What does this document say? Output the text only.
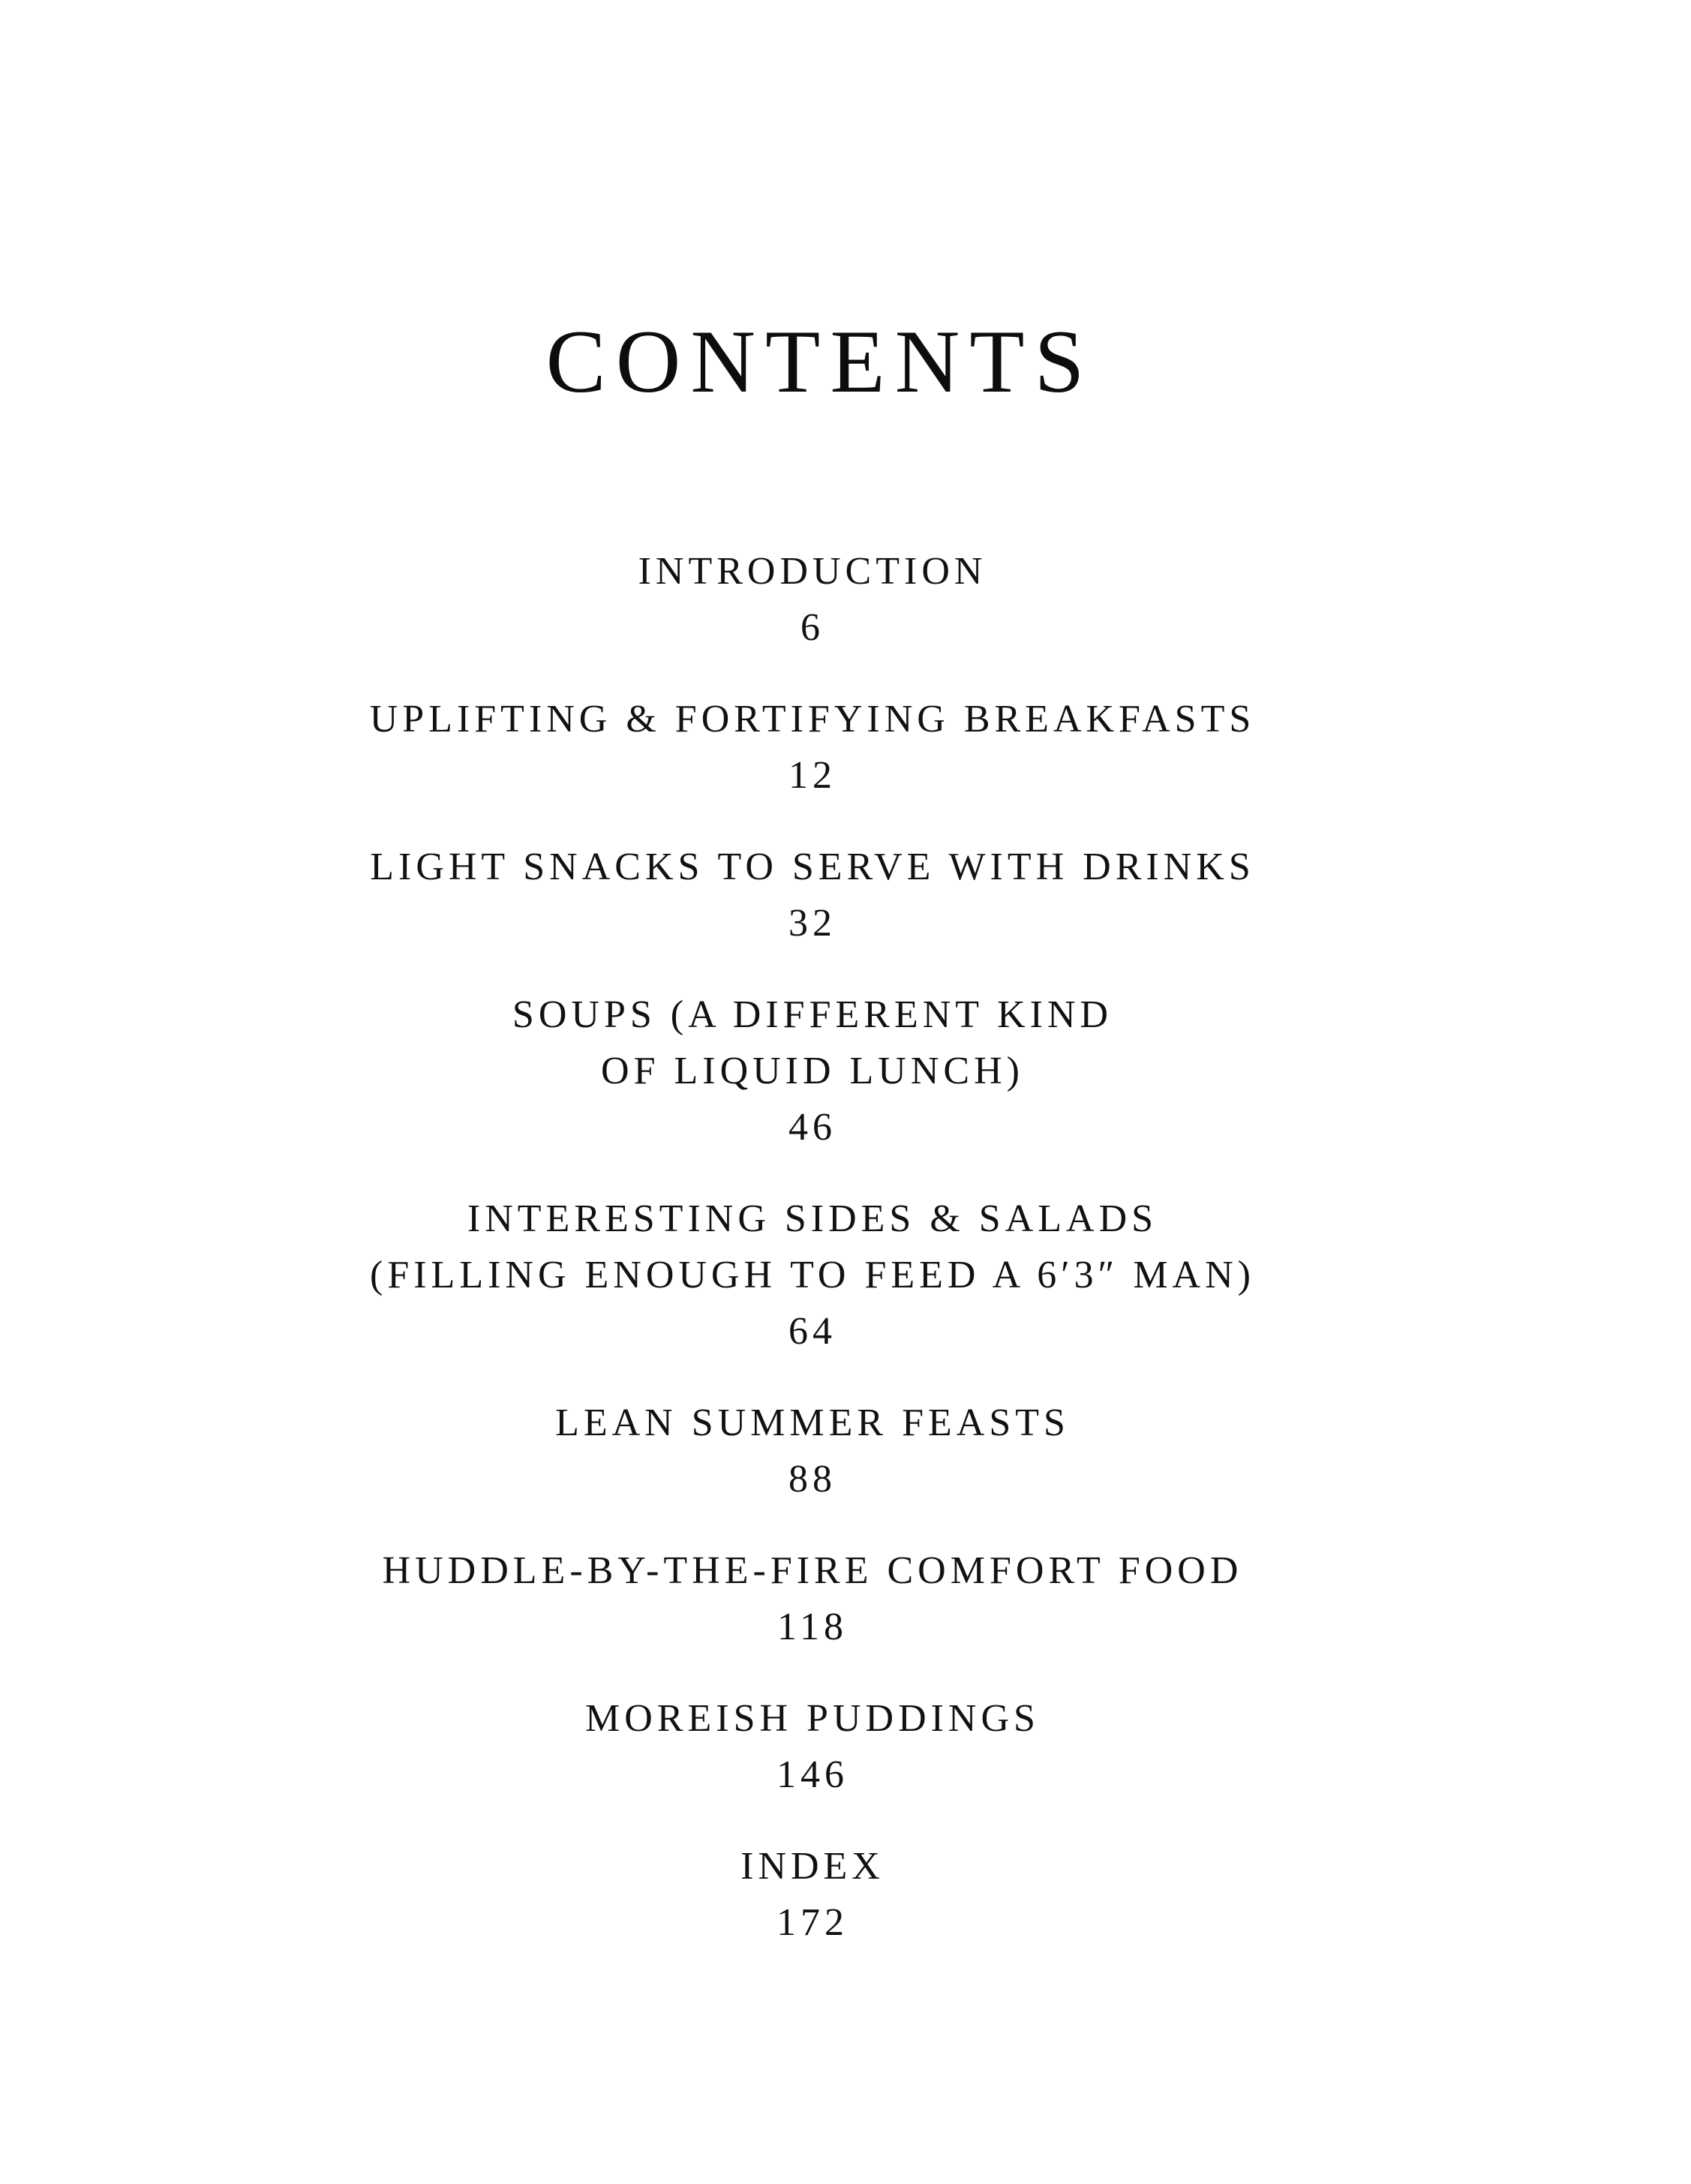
CONTENTS
INTRODUCTION
6
UPLIFTING & FORTIFYING BREAKFASTS
12
LIGHT SNACKS TO SERVE WITH DRINKS
32
SOUPS (A DIFFERENT KIND
OF LIQUID LUNCH)
46
INTERESTING SIDES & SALADS
(FILLING ENOUGH TO FEED A 6′3″ MAN)
64
LEAN SUMMER FEASTS
88
HUDDLE-BY-THE-FIRE COMFORT FOOD
118
MOREISH PUDDINGS
146
INDEX
172
